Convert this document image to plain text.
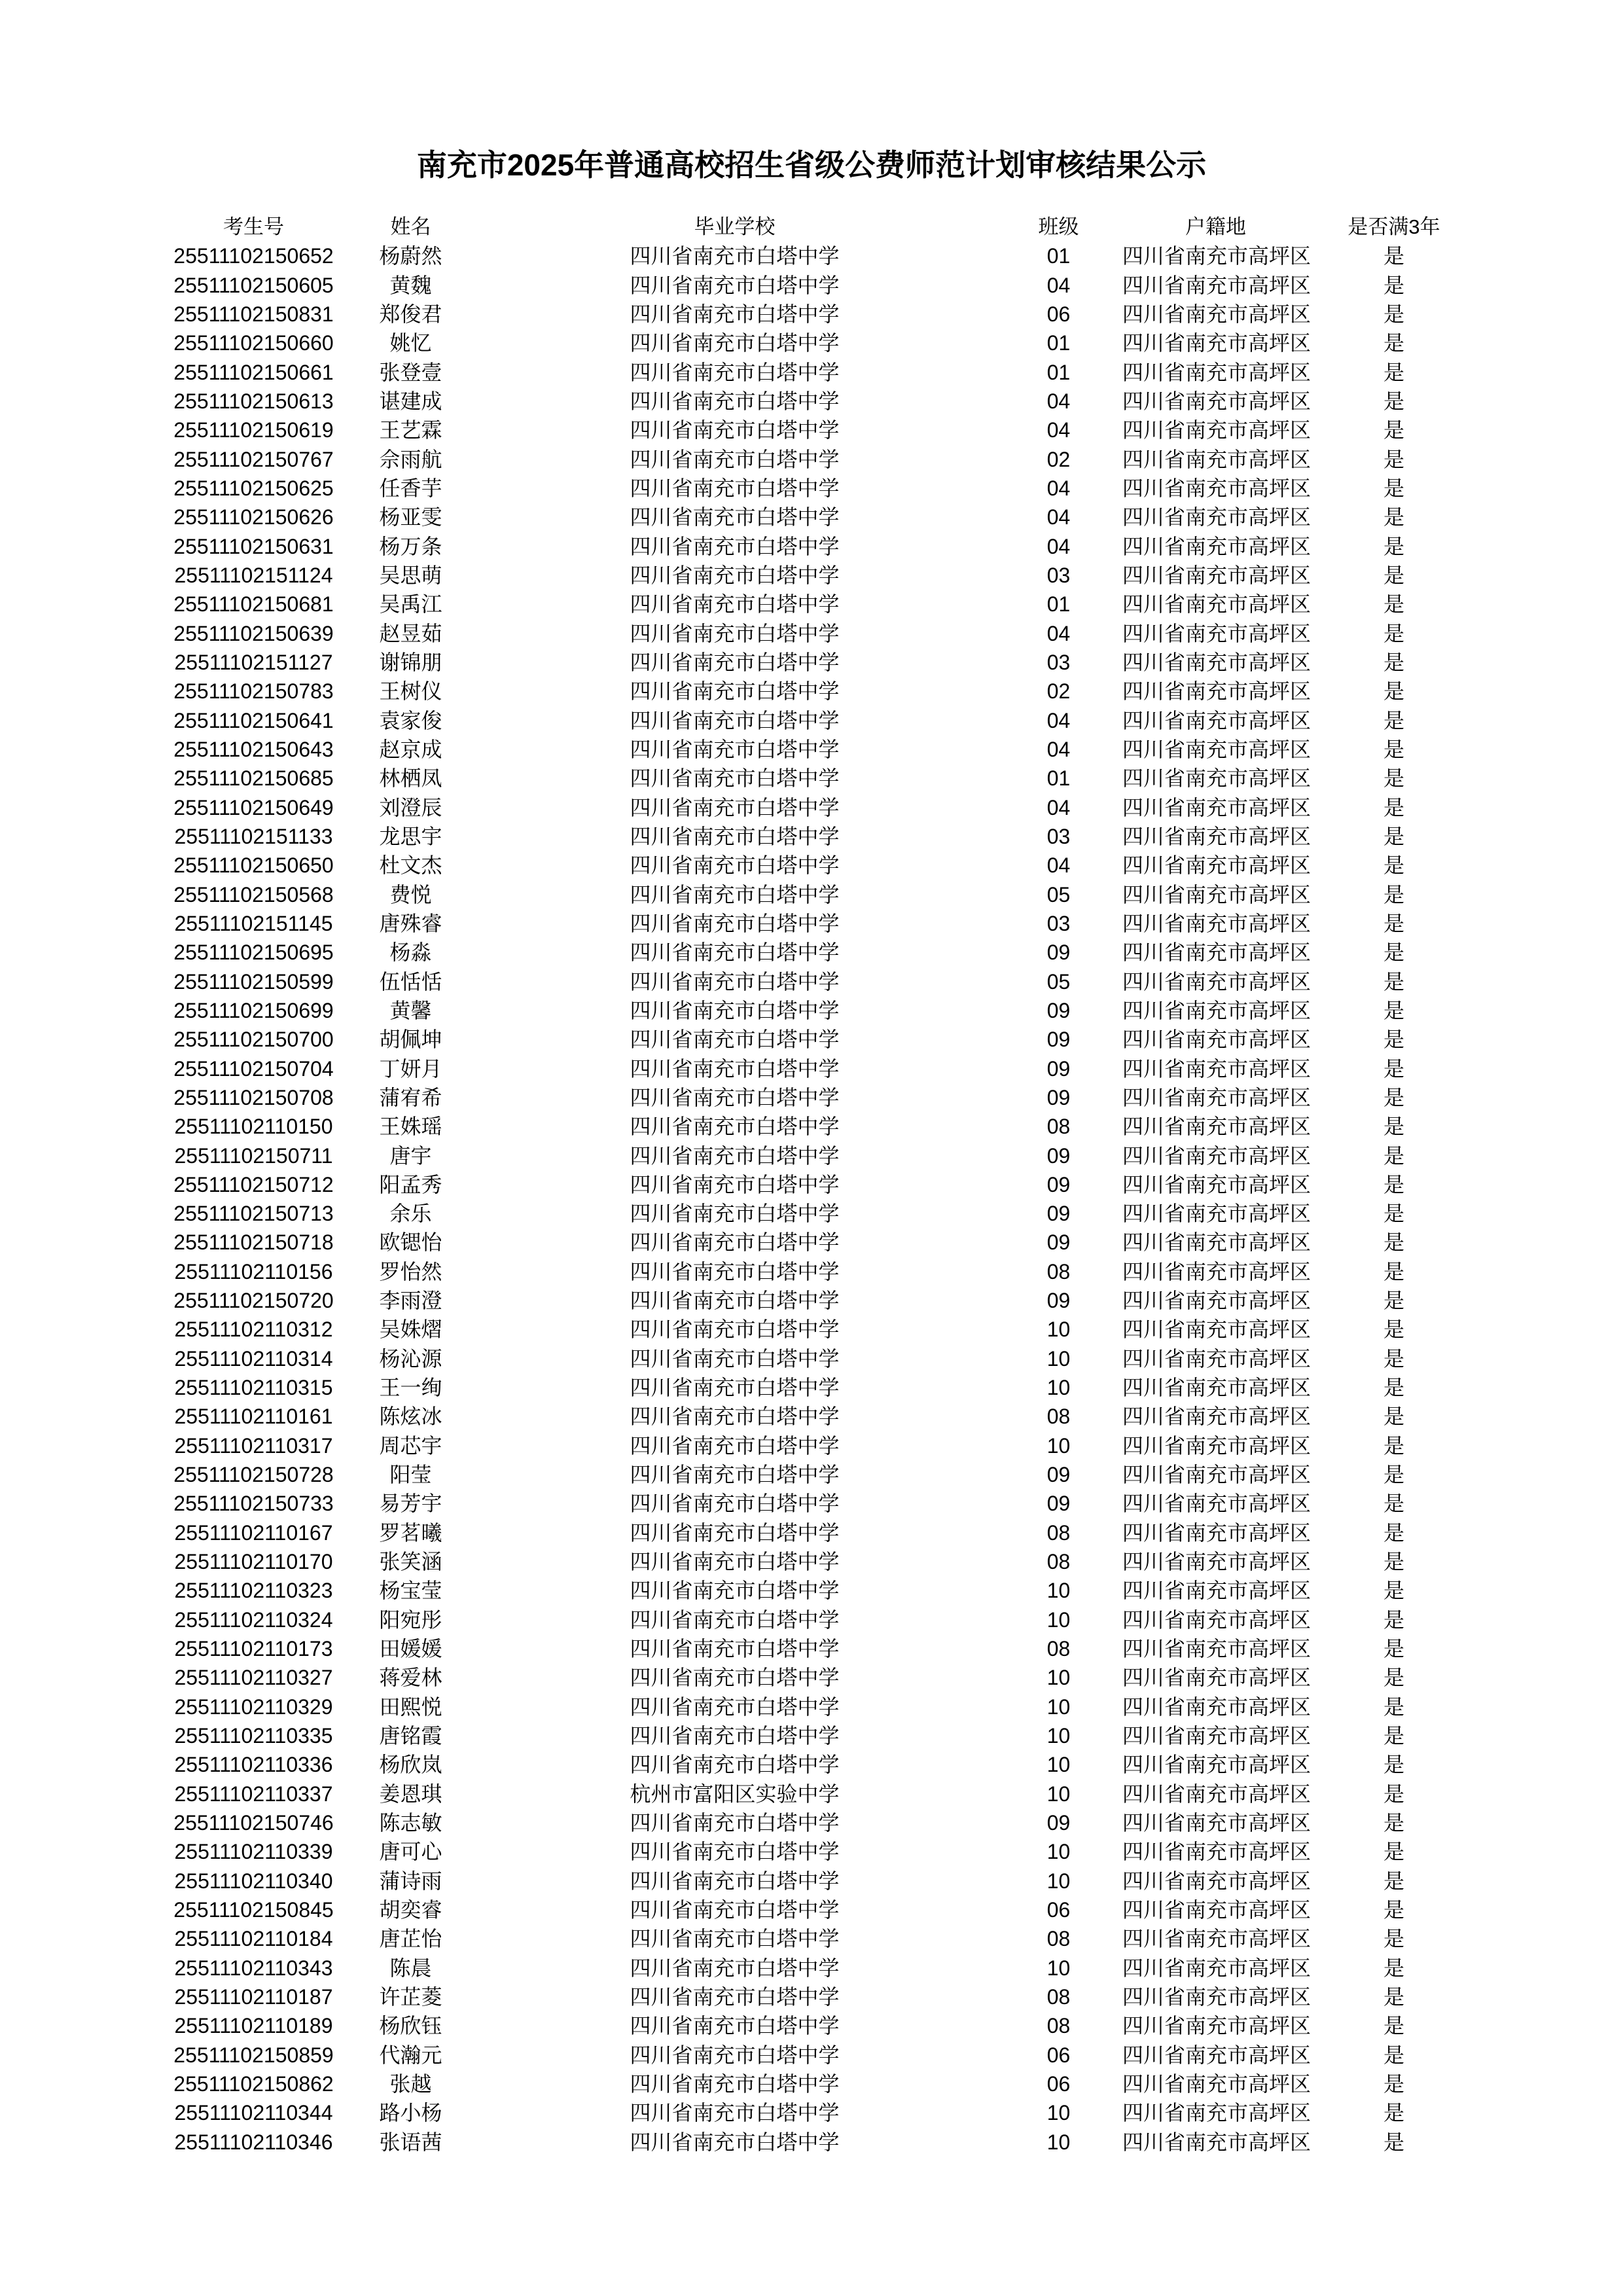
南充市2025年普通高校招生省级公费师范计划审核结果公示
考生号	姓名	毕业学校	班级	户籍地	是否满3年
25511102150652	杨蔚然	四川省南充市白塔中学	01	四川省南充市高坪区	是
25511102150605	黄魏	四川省南充市白塔中学	04	四川省南充市高坪区	是
25511102150831	郑俊君	四川省南充市白塔中学	06	四川省南充市高坪区	是
25511102150660	姚忆	四川省南充市白塔中学	01	四川省南充市高坪区	是
25511102150661	张登壹	四川省南充市白塔中学	01	四川省南充市高坪区	是
25511102150613	谌建成	四川省南充市白塔中学	04	四川省南充市高坪区	是
25511102150619	王艺霖	四川省南充市白塔中学	04	四川省南充市高坪区	是
25511102150767	佘雨航	四川省南充市白塔中学	02	四川省南充市高坪区	是
25511102150625	任香芋	四川省南充市白塔中学	04	四川省南充市高坪区	是
25511102150626	杨亚雯	四川省南充市白塔中学	04	四川省南充市高坪区	是
25511102150631	杨万条	四川省南充市白塔中学	04	四川省南充市高坪区	是
25511102151124	吴思萌	四川省南充市白塔中学	03	四川省南充市高坪区	是
25511102150681	吴禹江	四川省南充市白塔中学	01	四川省南充市高坪区	是
25511102150639	赵昱茹	四川省南充市白塔中学	04	四川省南充市高坪区	是
25511102151127	谢锦朋	四川省南充市白塔中学	03	四川省南充市高坪区	是
25511102150783	王树仪	四川省南充市白塔中学	02	四川省南充市高坪区	是
25511102150641	袁家俊	四川省南充市白塔中学	04	四川省南充市高坪区	是
25511102150643	赵京成	四川省南充市白塔中学	04	四川省南充市高坪区	是
25511102150685	林栖凤	四川省南充市白塔中学	01	四川省南充市高坪区	是
25511102150649	刘澄辰	四川省南充市白塔中学	04	四川省南充市高坪区	是
25511102151133	龙思宇	四川省南充市白塔中学	03	四川省南充市高坪区	是
25511102150650	杜文杰	四川省南充市白塔中学	04	四川省南充市高坪区	是
25511102150568	费悦	四川省南充市白塔中学	05	四川省南充市高坪区	是
25511102151145	唐殊睿	四川省南充市白塔中学	03	四川省南充市高坪区	是
25511102150695	杨淼	四川省南充市白塔中学	09	四川省南充市高坪区	是
25511102150599	伍恬恬	四川省南充市白塔中学	05	四川省南充市高坪区	是
25511102150699	黄馨	四川省南充市白塔中学	09	四川省南充市高坪区	是
25511102150700	胡佩坤	四川省南充市白塔中学	09	四川省南充市高坪区	是
25511102150704	丁妍月	四川省南充市白塔中学	09	四川省南充市高坪区	是
25511102150708	蒲宥希	四川省南充市白塔中学	09	四川省南充市高坪区	是
25511102110150	王姝瑶	四川省南充市白塔中学	08	四川省南充市高坪区	是
25511102150711	唐宇	四川省南充市白塔中学	09	四川省南充市高坪区	是
25511102150712	阳孟秀	四川省南充市白塔中学	09	四川省南充市高坪区	是
25511102150713	余乐	四川省南充市白塔中学	09	四川省南充市高坪区	是
25511102150718	欧锶怡	四川省南充市白塔中学	09	四川省南充市高坪区	是
25511102110156	罗怡然	四川省南充市白塔中学	08	四川省南充市高坪区	是
25511102150720	李雨澄	四川省南充市白塔中学	09	四川省南充市高坪区	是
25511102110312	吴姝熠	四川省南充市白塔中学	10	四川省南充市高坪区	是
25511102110314	杨沁源	四川省南充市白塔中学	10	四川省南充市高坪区	是
25511102110315	王一绚	四川省南充市白塔中学	10	四川省南充市高坪区	是
25511102110161	陈炫冰	四川省南充市白塔中学	08	四川省南充市高坪区	是
25511102110317	周芯宇	四川省南充市白塔中学	10	四川省南充市高坪区	是
25511102150728	阳莹	四川省南充市白塔中学	09	四川省南充市高坪区	是
25511102150733	易芳宇	四川省南充市白塔中学	09	四川省南充市高坪区	是
25511102110167	罗茗曦	四川省南充市白塔中学	08	四川省南充市高坪区	是
25511102110170	张笑涵	四川省南充市白塔中学	08	四川省南充市高坪区	是
25511102110323	杨宝莹	四川省南充市白塔中学	10	四川省南充市高坪区	是
25511102110324	阳宛彤	四川省南充市白塔中学	10	四川省南充市高坪区	是
25511102110173	田媛媛	四川省南充市白塔中学	08	四川省南充市高坪区	是
25511102110327	蒋爱林	四川省南充市白塔中学	10	四川省南充市高坪区	是
25511102110329	田熙悦	四川省南充市白塔中学	10	四川省南充市高坪区	是
25511102110335	唐铭霞	四川省南充市白塔中学	10	四川省南充市高坪区	是
25511102110336	杨欣岚	四川省南充市白塔中学	10	四川省南充市高坪区	是
25511102110337	姜恩琪	杭州市富阳区实验中学	10	四川省南充市高坪区	是
25511102150746	陈志敏	四川省南充市白塔中学	09	四川省南充市高坪区	是
25511102110339	唐可心	四川省南充市白塔中学	10	四川省南充市高坪区	是
25511102110340	蒲诗雨	四川省南充市白塔中学	10	四川省南充市高坪区	是
25511102150845	胡奕睿	四川省南充市白塔中学	06	四川省南充市高坪区	是
25511102110184	唐芷怡	四川省南充市白塔中学	08	四川省南充市高坪区	是
25511102110343	陈晨	四川省南充市白塔中学	10	四川省南充市高坪区	是
25511102110187	许芷菱	四川省南充市白塔中学	08	四川省南充市高坪区	是
25511102110189	杨欣钰	四川省南充市白塔中学	08	四川省南充市高坪区	是
25511102150859	代瀚元	四川省南充市白塔中学	06	四川省南充市高坪区	是
25511102150862	张越	四川省南充市白塔中学	06	四川省南充市高坪区	是
25511102110344	路小杨	四川省南充市白塔中学	10	四川省南充市高坪区	是
25511102110346	张语茜	四川省南充市白塔中学	10	四川省南充市高坪区	是
